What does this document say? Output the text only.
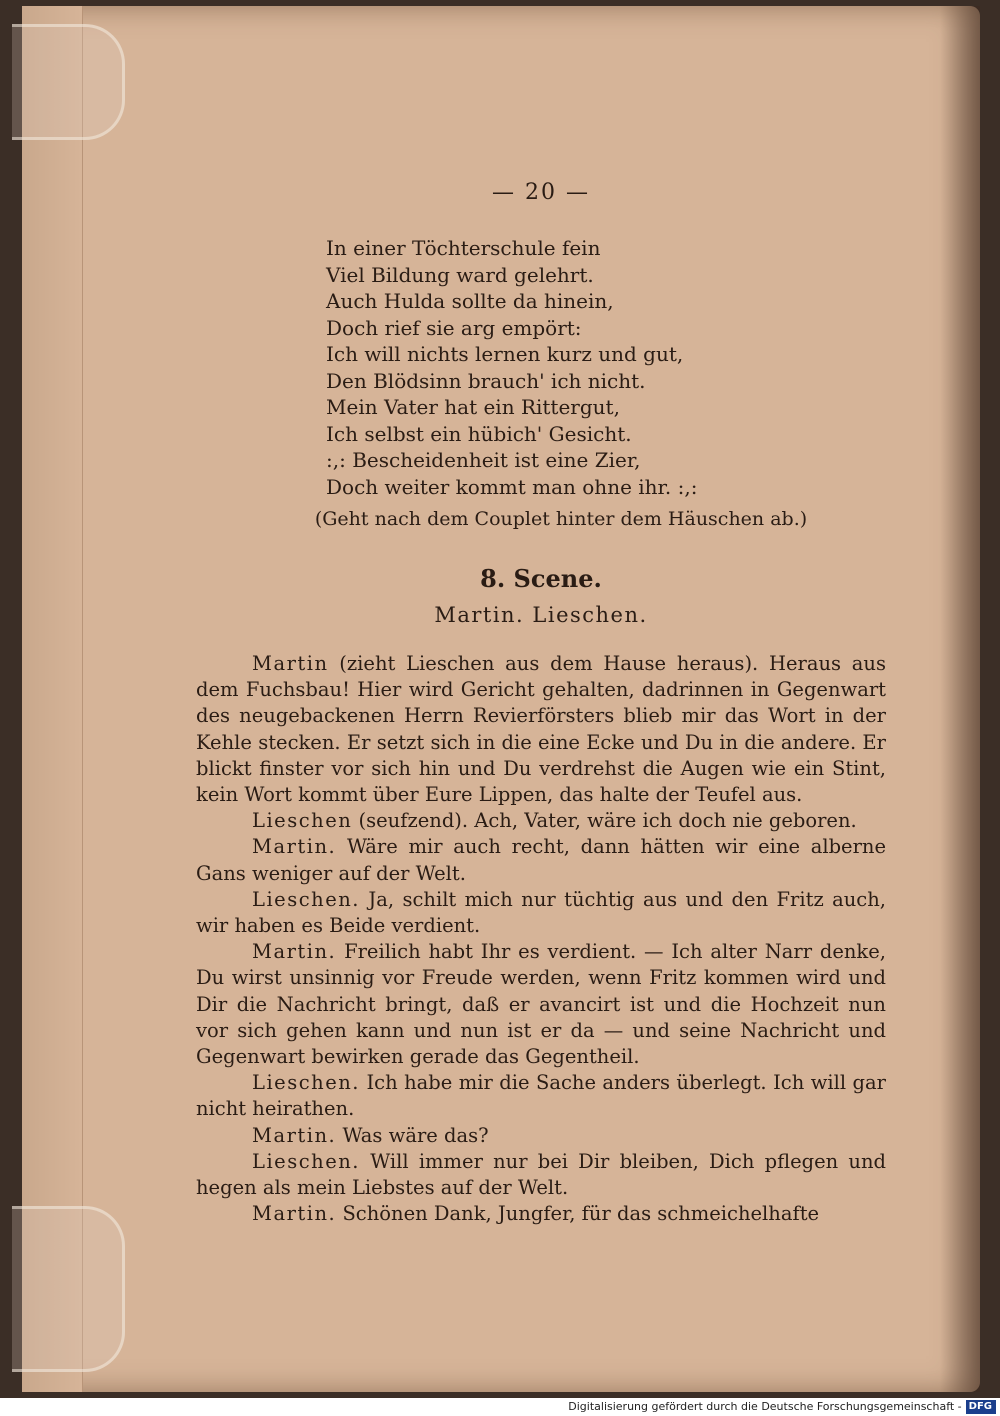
— 20 —
In einer Töchterschule fein
Viel Bildung ward gelehrt.
Auch Hulda sollte da hinein,
Doch rief sie arg empört:
Ich will nichts lernen kurz und gut,
Den Blödsinn brauch' ich nicht.
Mein Vater hat ein Rittergut,
Ich selbst ein hübich' Gesicht.
:,: Bescheidenheit ist eine Zier,
Doch weiter kommt man ohne ihr. :,:
(Geht nach dem Couplet hinter dem Häuschen ab.)
8. Scene.
Martin. Lieschen.

Martin (zieht Lieschen aus dem Hause heraus). Heraus aus dem Fuchsbau! Hier wird Gericht gehalten, dadrinnen in Gegenwart des neugebackenen Herrn Revierförsters blieb mir das Wort in der Kehle stecken. Er setzt sich in die eine Ecke und Du in die andere. Er blickt finster vor sich hin und Du verdrehst die Augen wie ein Stint, kein Wort kommt über Eure Lippen, das halte der Teufel aus.

Lieschen (seufzend). Ach, Vater, wäre ich doch nie geboren.

Martin. Wäre mir auch recht, dann hätten wir eine alberne Gans weniger auf der Welt.

Lieschen. Ja, schilt mich nur tüchtig aus und den Fritz auch, wir haben es Beide verdient.

Martin. Freilich habt Ihr es verdient. — Ich alter Narr denke, Du wirst unsinnig vor Freude werden, wenn Fritz kommen wird und Dir die Nachricht bringt, daß er avancirt ist und die Hochzeit nun vor sich gehen kann und nun ist er da — und seine Nachricht und Gegenwart bewirken gerade das Gegentheil.

Lieschen. Ich habe mir die Sache anders überlegt. Ich will gar nicht heirathen.

Martin. Was wäre das?

Lieschen. Will immer nur bei Dir bleiben, Dich pflegen und hegen als mein Liebstes auf der Welt.

Martin. Schönen Dank, Jungfer, für das schmeichelhafte

Digitalisierung gefördert durch die Deutsche Forschungsgemeinschaft - DFG
